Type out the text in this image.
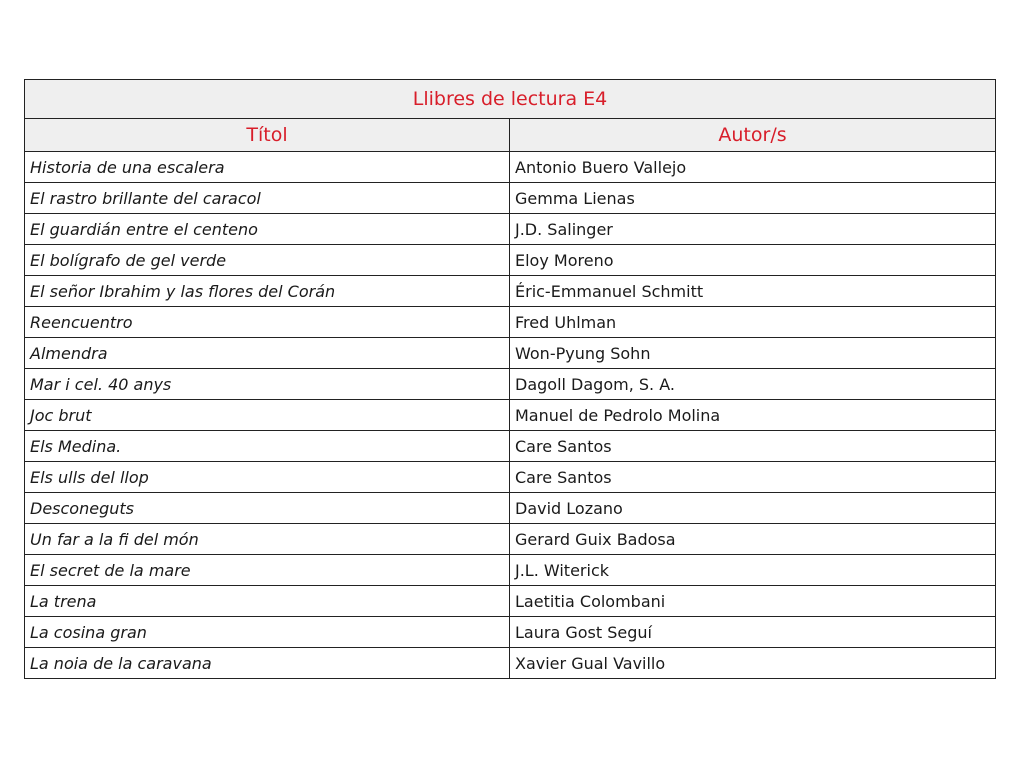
Llibres de lectura E4	
Títol	Autor/s
Historia de una escalera	Antonio Buero Vallejo
El rastro brillante del caracol	Gemma Lienas
El guardián entre el centeno	J.D. Salinger
El bolígrafo de gel verde	Eloy Moreno
El señor Ibrahim y las flores del Corán	Éric-Emmanuel Schmitt
Reencuentro	Fred Uhlman
Almendra	Won-Pyung Sohn
Mar i cel. 40 anys	Dagoll Dagom, S. A.
Joc brut	Manuel de Pedrolo Molina
Els Medina.	Care Santos
Els ulls del llop	Care Santos
Desconeguts	David Lozano
Un far a la fi del món	Gerard Guix Badosa
El secret de la mare	J.L. Witerick
La trena	Laetitia Colombani
La cosina gran	Laura Gost Seguí
La noia de la caravana	Xavier Gual Vavillo
